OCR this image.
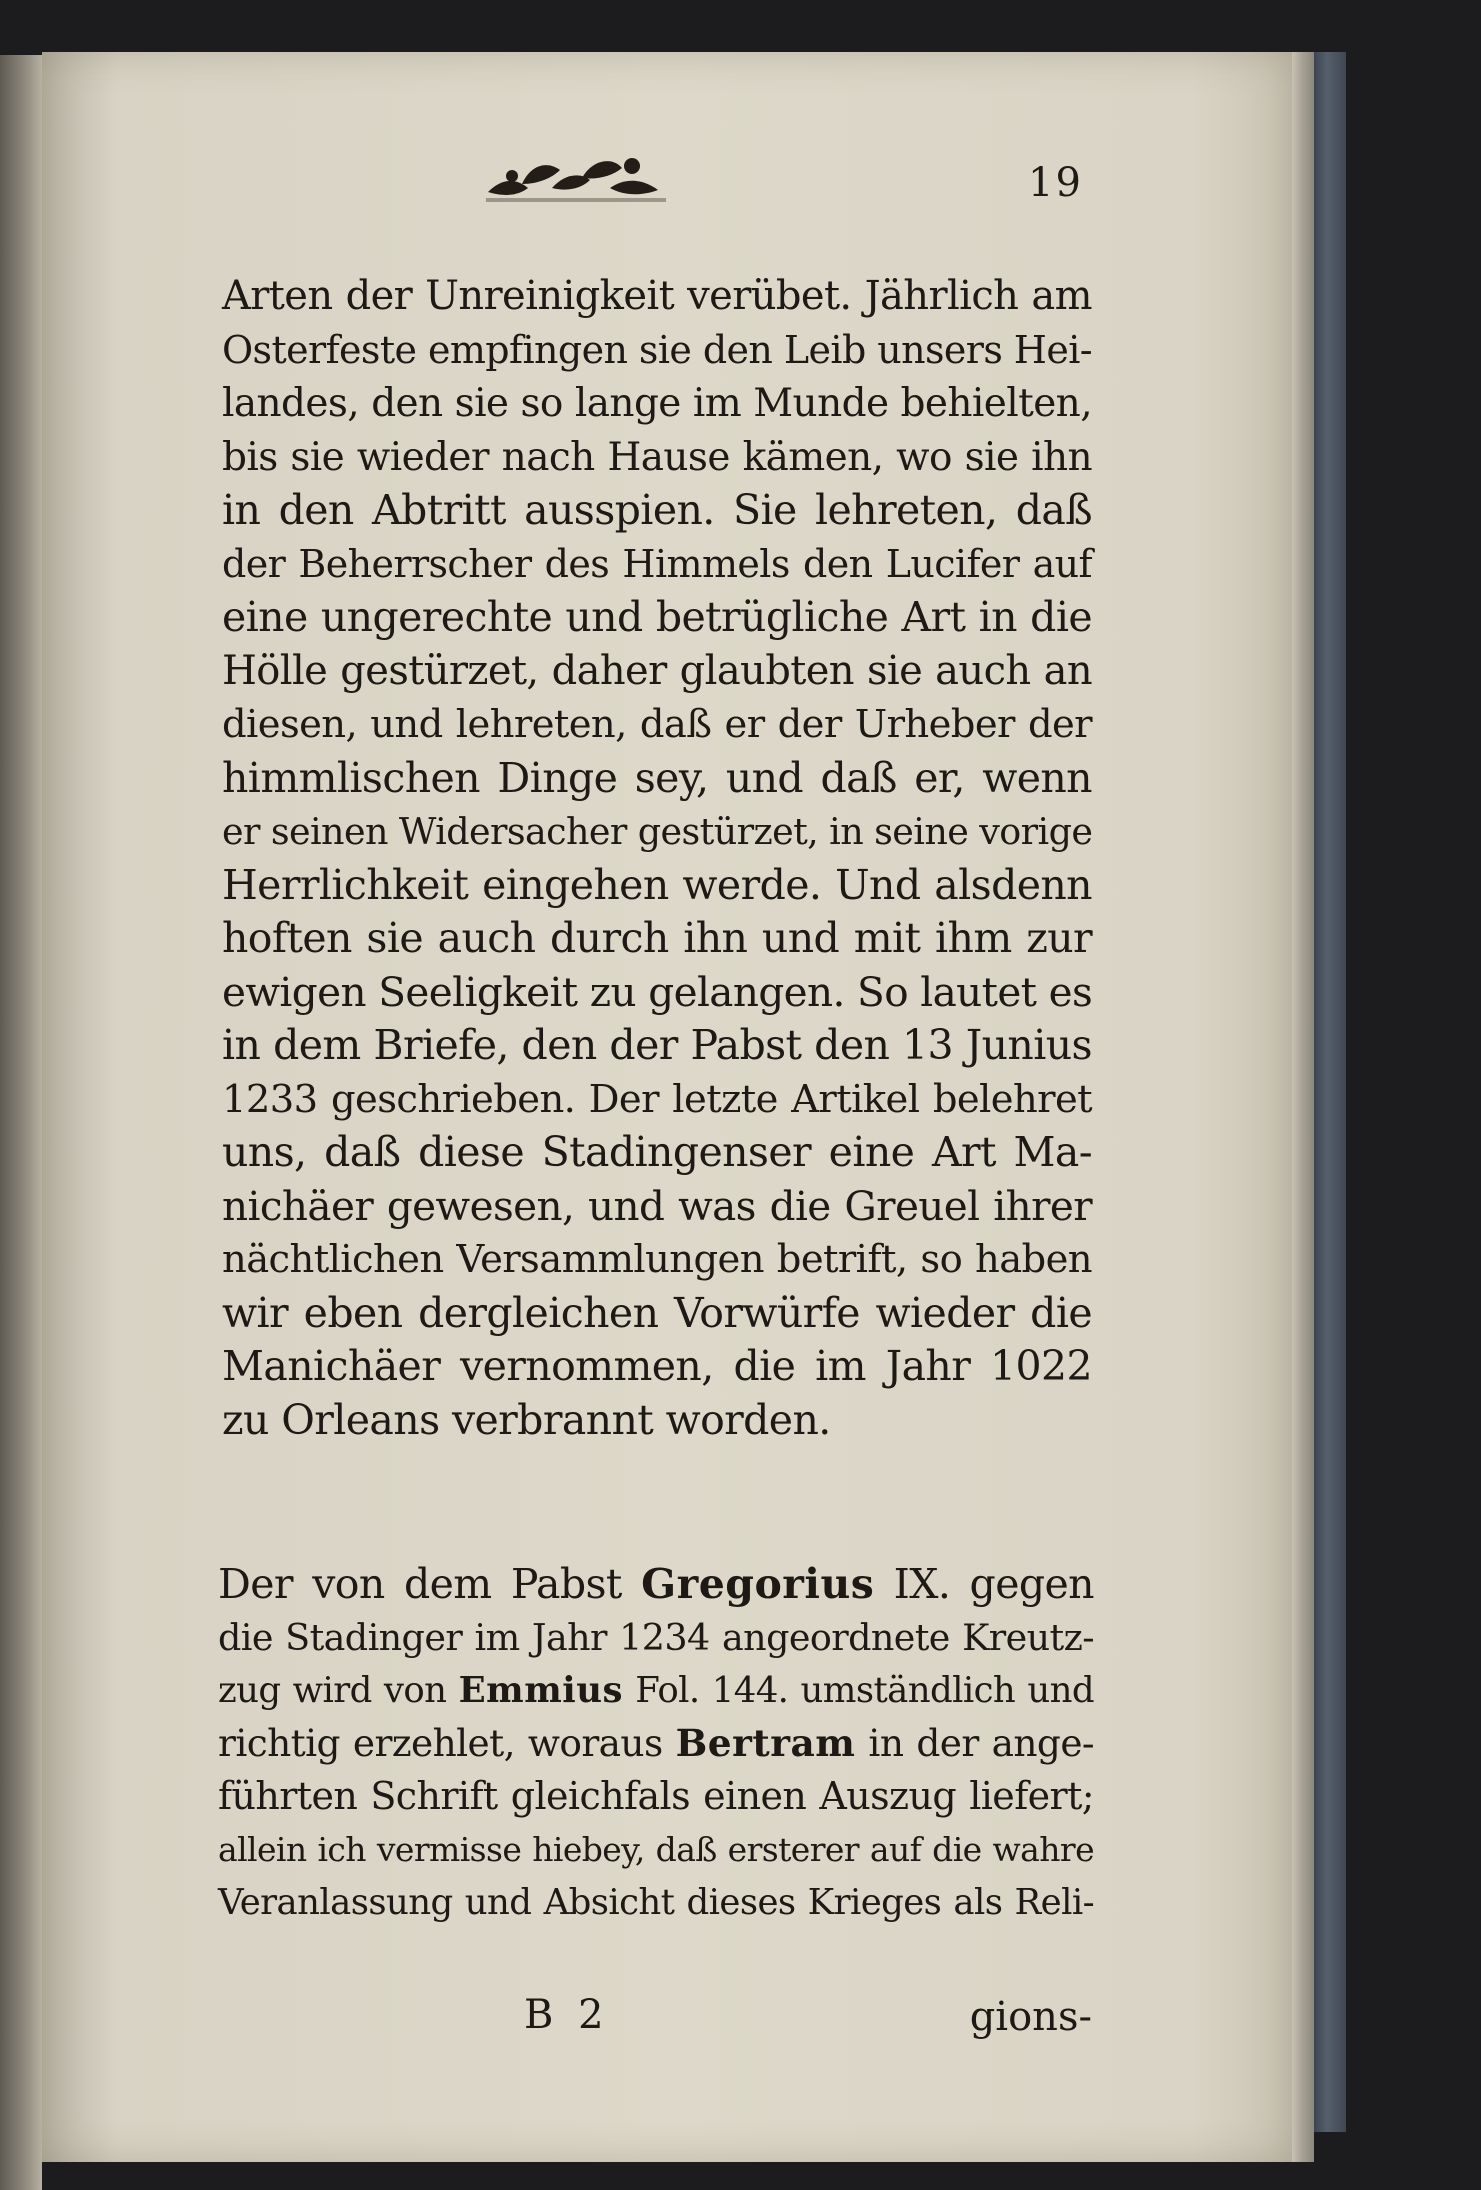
19
Arten der Unreinigkeit verübet. Jährlich am
Osterfeste empfingen sie den Leib unsers Hei-
landes, den sie so lange im Munde behielten,
bis sie wieder nach Hause kämen, wo sie ihn
in den Abtritt ausspien. Sie lehreten, daß
der Beherrscher des Himmels den Lucifer auf
eine ungerechte und betrügliche Art in die
Hölle gestürzet, daher glaubten sie auch an
diesen, und lehreten, daß er der Urheber der
himmlischen Dinge sey, und daß er, wenn
er seinen Widersacher gestürzet, in seine vorige
Herrlichkeit eingehen werde. Und alsdenn
hoften sie auch durch ihn und mit ihm zur
ewigen Seeligkeit zu gelangen. So lautet es
in dem Briefe, den der Pabst den 13 Junius
1233 geschrieben. Der letzte Artikel belehret
uns, daß diese Stadingenser eine Art Ma-
nichäer gewesen, und was die Greuel ihrer
nächtlichen Versammlungen betrift, so haben
wir eben dergleichen Vorwürfe wieder die
Manichäer vernommen, die im Jahr 1022
zu Orleans verbrannt worden.
Der von dem Pabst Gregorius IX. gegen
die Stadinger im Jahr 1234 angeordnete Kreutz-
zug wird von Emmius Fol. 144. umständlich und
richtig erzehlet, woraus Bertram in der ange-
führten Schrift gleichfals einen Auszug liefert;
allein ich vermisse hiebey, daß ersterer auf die wahre
Veranlassung und Absicht dieses Krieges als Reli-
B 2	gions-
